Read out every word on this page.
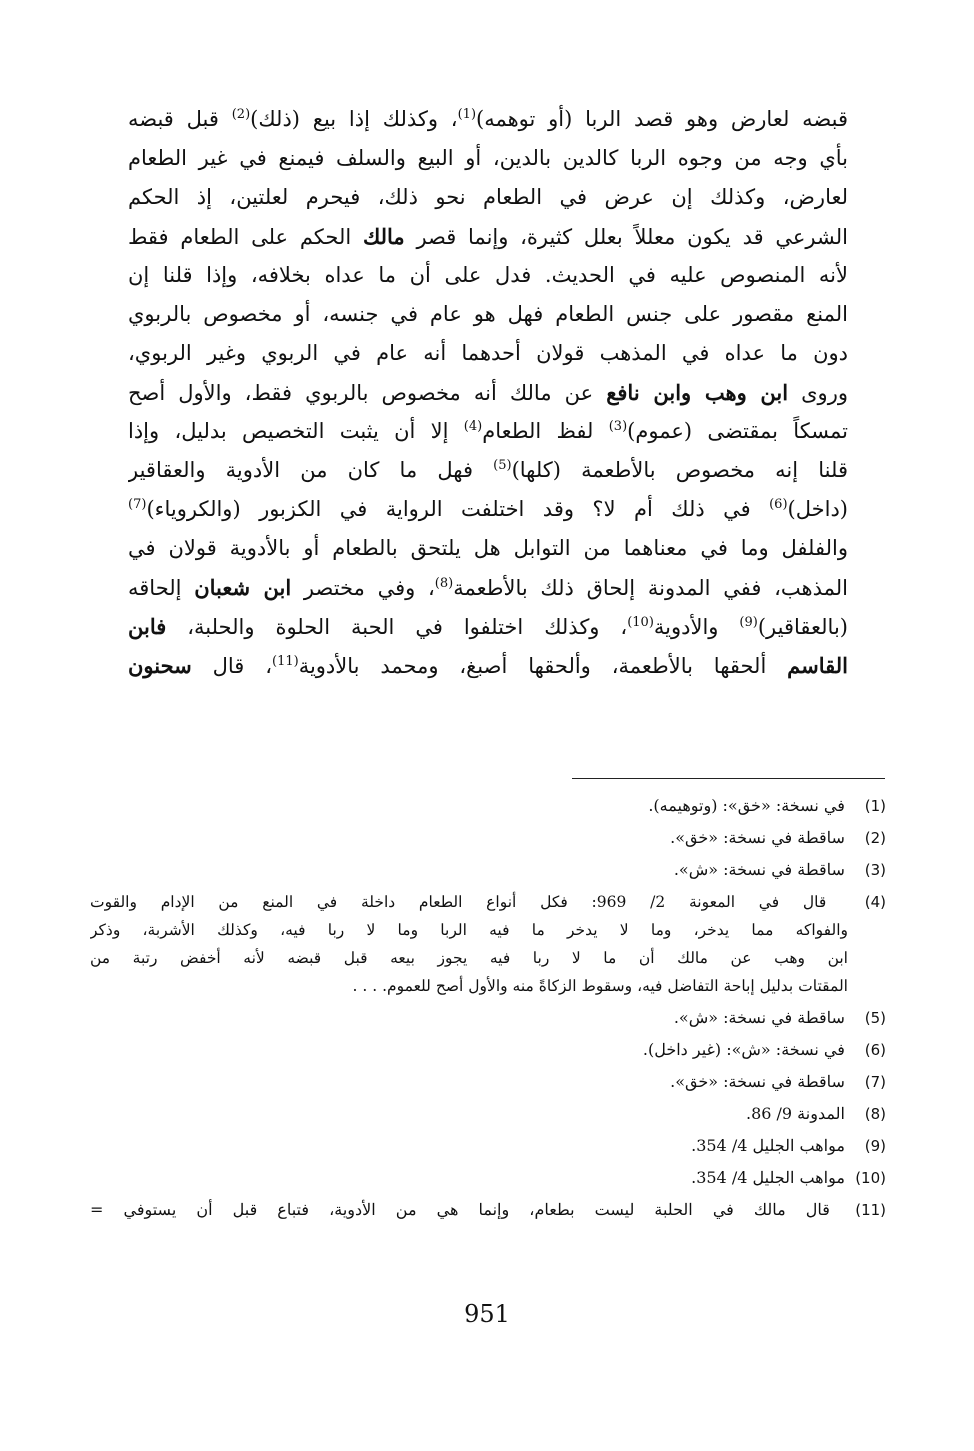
قبضه لعارض وهو قصد الربا (أو توهمه)$^{(1)}$، وكذلك إذا بيع (ذلك)$^{(2)}$ قبل قبضه
بأي وجه من وجوه الربا كالدين بالدين، أو البيع والسلف فيمنع في غير الطعام
لعارض، وكذلك إن عرض في الطعام نحو ذلك، فيحرم لعلتين، إذ الحكم
الشرعي قد يكون معللاً بعلل كثيرة، وإنما قصر مالك الحكم على الطعام فقط
لأنه المنصوص عليه في الحديث. فدل على أن ما عداه بخلافه، وإذا قلنا إن
المنع مقصور على جنس الطعام فهل هو عام في جنسه، أو مخصوص بالربوي
دون ما عداه في المذهب قولان أحدهما أنه عام في الربوي وغير الربوي،
وروى ابن وهب وابن نافع عن مالك أنه مخصوص بالربوي فقط، والأول أصح
تمسكاً بمقتضى (عموم)$^{(3)}$ لفظ الطعام$^{(4)}$ إلا أن يثبت التخصيص بدليل، وإذا
قلنا إنه مخصوص بالأطعمة (كلها)$^{(5)}$ فهل ما كان من الأدوية والعقاقير
(داخل)$^{(6)}$ في ذلك أم لا؟ وقد اختلفت الرواية في الكزبور (والكروياء)$^{(7)}$
والفلفل وما في معناهما من التوابل هل يلتحق بالطعام أو بالأدوية قولان في
المذهب، ففي المدونة إلحاق ذلك بالأطعمة$^{(8)}$، وفي مختصر ابن شعبان إلحاقه
(بالعقاقير)$^{(9)}$ والأدوية$^{(10)}$، وكذلك اختلفوا في الحبة الحلوة والحلبة، فابن
القاسم ألحقها بالأطعمة، وألحقها أصبغ، ومحمد بالأدوية$^{(11)}$، قال سحنون
(1) في نسخة: «خق»: (وتوهيمه).
(2) ساقطة في نسخة: «خق».
(3) ساقطة في نسخة: «ش».
(4) قال في المعونة 2/ 969: فكل أنواع الطعام داخلة في المنع من الإدام والقوت
والفواكه مما يدخر، وما لا يدخر ما فيه الربا وما لا ربا فيه، وكذلك الأشربة، وذكر
ابن وهب عن مالك أن ما لا ربا فيه يجوز بيعه قبل قبضه لأنه أخفض رتبة من
المقتات بدليل إباحة التفاضل فيه، وسقوط الزكاةً منه والأول أصح للعموم. . . .
(5) ساقطة في نسخة: «ش».
(6) في نسخة: «ش»: (غير داخل).
(7) ساقطة في نسخة: «خق».
(8) المدونة 9/ 86.
(9) مواهب الجليل 4/ 354.
(10) مواهب الجليل 4/ 354.
(11) قال مالك في الحلبة ليست بطعام، وإنما هي من الأدوية، فتباع قبل أن يستوفي =
951
